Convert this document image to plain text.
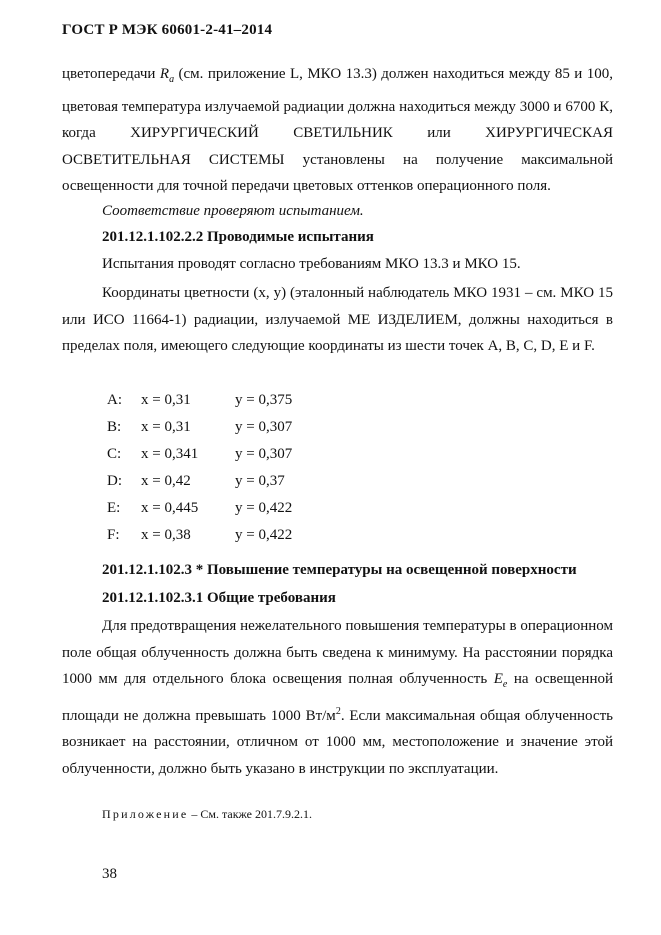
ГОСТ Р МЭК 60601-2-41–2014
цветопередачи $R_a$ (см. приложение L, МКО 13.3) должен находиться между 85 и 100, цветовая температура излучаемой радиации должна находиться между 3000 и 6700 К, когда ХИРУРГИЧЕСКИЙ СВЕТИЛЬНИК или ХИРУРГИЧЕСКАЯ ОСВЕТИТЕЛЬНАЯ СИСТЕМЫ установлены на получение максимальной освещенности для точной передачи цветовых оттенков операционного поля.
Соответствие проверяют испытанием.
201.12.1.102.2.2 Проводимые испытания
Испытания проводят согласно требованиям МКО 13.3 и МКО 15.
Координаты цветности (x, y) (эталонный наблюдатель МКО 1931 – см. МКО 15 или ИСО 11664-1) радиации, излучаемой МЕ ИЗДЕЛИЕМ, должны находиться в пределах поля, имеющего следующие координаты из шести точек А, В, С, D, E и F.
A: x = 0,31	y = 0,375
B: x = 0,31	y = 0,307
C: x = 0,341 y = 0,307
D: x = 0,42	y = 0,37
E: x = 0,445 y = 0,422
F: x = 0,38	y = 0,422
201.12.1.102.3 * Повышение температуры на освещенной поверхности
201.12.1.102.3.1 Общие требования
Для предотвращения нежелательного повышения температуры в операционном поле общая облученность должна быть сведена к минимуму. На расстоянии порядка 1000 мм для отдельного блока освещения полная облученность $E_e$ на освещенной площади не должна превышать 1000 $Вт/м^2$. Если максимальная общая облученность возникает на расстоянии, отличном от 1000 мм, местоположение и значение этой облученности, должно быть указано в инструкции по эксплуатации.
Приложение – См. также 201.7.9.2.1.
38
